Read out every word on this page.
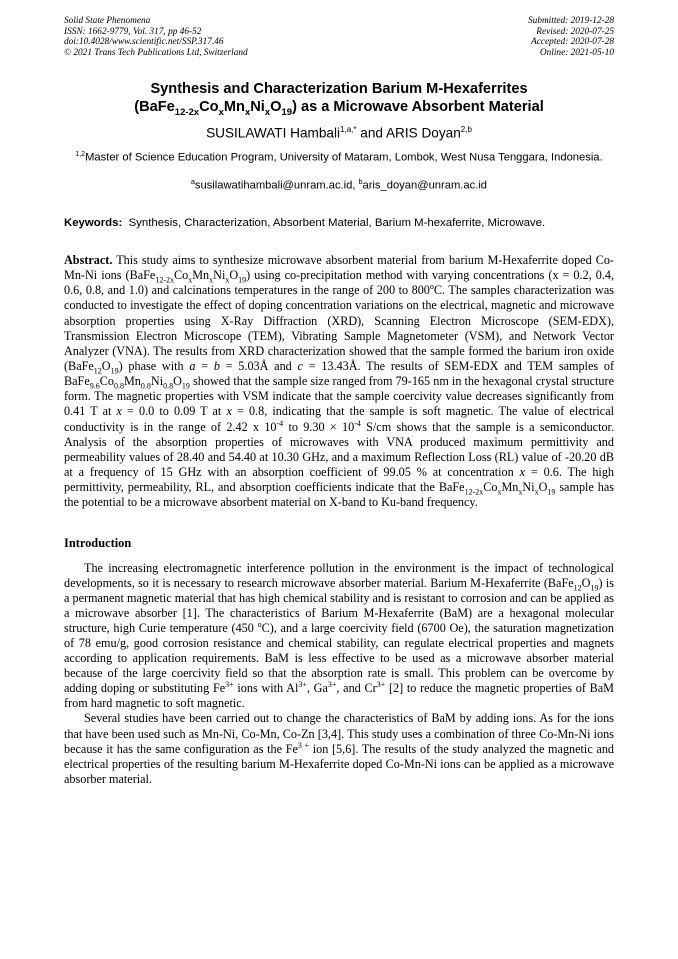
Solid State Phenomena
ISSN: 1662-9779, Vol. 317, pp 46-52
doi:10.4028/www.scientific.net/SSP.317.46
© 2021 Trans Tech Publications Ltd, Switzerland
Submitted: 2019-12-28
Revised: 2020-07-25
Accepted: 2020-07-28
Online: 2021-05-10
Synthesis and Characterization Barium M-Hexaferrites
$(BaFe_{12-2x}Co_xMn_xNi_xO_{19})$ as a Microwave Absorbent Material
SUSILAWATI Hambali$^{1,a,*}$ and ARIS Doyan$^{2,b}$
$^{1,2}$Master of Science Education Program, University of Mataram, Lombok, West Nusa Tenggara, Indonesia.
$^a$susilawatihambali@unram.ac.id, $^b$aris_doyan@unram.ac.id
Keywords: Synthesis, Characterization, Absorbent Material, Barium M-hexaferrite, Microwave.
Abstract. This study aims to synthesize microwave absorbent material from barium M-Hexaferrite doped Co-Mn-Ni ions $(BaFe_{12-2x}Co_xMn_xNi_xO_{19})$ using co-precipitation method with varying concentrations (x = 0.2, 0.4, 0.6, 0.8, and 1.0) and calcinations temperatures in the range of 200 to 800$^o$C. The samples characterization was conducted to investigate the effect of doping concentration variations on the electrical, magnetic and microwave absorption properties using X-Ray Diffraction (XRD), Scanning Electron Microscope (SEM-EDX), Transmission Electron Microscope (TEM), Vibrating Sample Magnetometer (VSM), and Network Vector Analyzer (VNA). The results from XRD characterization showed that the sample formed the barium iron oxide $(BaFe_{12}O_{19})$ phase with a = b = 5.03Å and c = 13.43Å. The results of SEM-EDX and TEM samples of $BaFe_{9.6}Co_{0.8}Mn_{0.8}Ni_{0.8}O_{19}$ showed that the sample size ranged from 79-165 nm in the hexagonal crystal structure form. The magnetic properties with VSM indicate that the sample coercivity value decreases significantly from 0.41 T at x = 0.0 to 0.09 T at x = 0.8, indicating that the sample is soft magnetic. The value of electrical conductivity is in the range of 2.42 x $10^{-4}$ to $9.30 \times 10^{-4}$ S/cm shows that the sample is a semiconductor. Analysis of the absorption properties of microwaves with VNA produced maximum permittivity and permeability values of 28.40 and 54.40 at 10.30 GHz, and a maximum Reflection Loss (RL) value of -20.20 dB at a frequency of 15 GHz with an absorption coefficient of 99.05 % at concentration x = 0.6. The high permittivity, permeability, RL, and absorption coefficients indicate that the $BaFe_{12-2x}Co_xMn_xNi_xO_{19}$ sample has the potential to be a microwave absorbent material on X-band to Ku-band frequency.
Introduction

The increasing electromagnetic interference pollution in the environment is the impact of technological developments, so it is necessary to research microwave absorber material. Barium M-Hexaferrite $(BaFe_{12}O_{19})$ is a permanent magnetic material that has high chemical stability and is resistant to corrosion and can be applied as a microwave absorber [1]. The characteristics of Barium M-Hexaferrite (BaM) are a hexagonal molecular structure, high Curie temperature (450 $^o$C), and a large coercivity field (6700 Oe), the saturation magnetization of 78 emu/g, good corrosion resistance and chemical stability, can regulate electrical properties and magnets according to application requirements. BaM is less effective to be used as a microwave absorber material because of the large coercivity field so that the absorption rate is small. This problem can be overcome by adding doping or substituting $Fe^{3+}$ ions with $Al^{3+}$, $Ga^{3+}$, and $Cr^{3+}$ [2] to reduce the magnetic properties of BaM from hard magnetic to soft magnetic.

Several studies have been carried out to change the characteristics of BaM by adding ions. As for the ions that have been used such as Mn-Ni, Co-Mn, Co-Zn [3,4]. This study uses a combination of three Co-Mn-Ni ions because it has the same configuration as the $Fe^{3 +}$ ion [5,6]. The results of the study analyzed the magnetic and electrical properties of the resulting barium M-Hexaferrite doped Co-Mn-Ni ions can be applied as a microwave absorber material.
